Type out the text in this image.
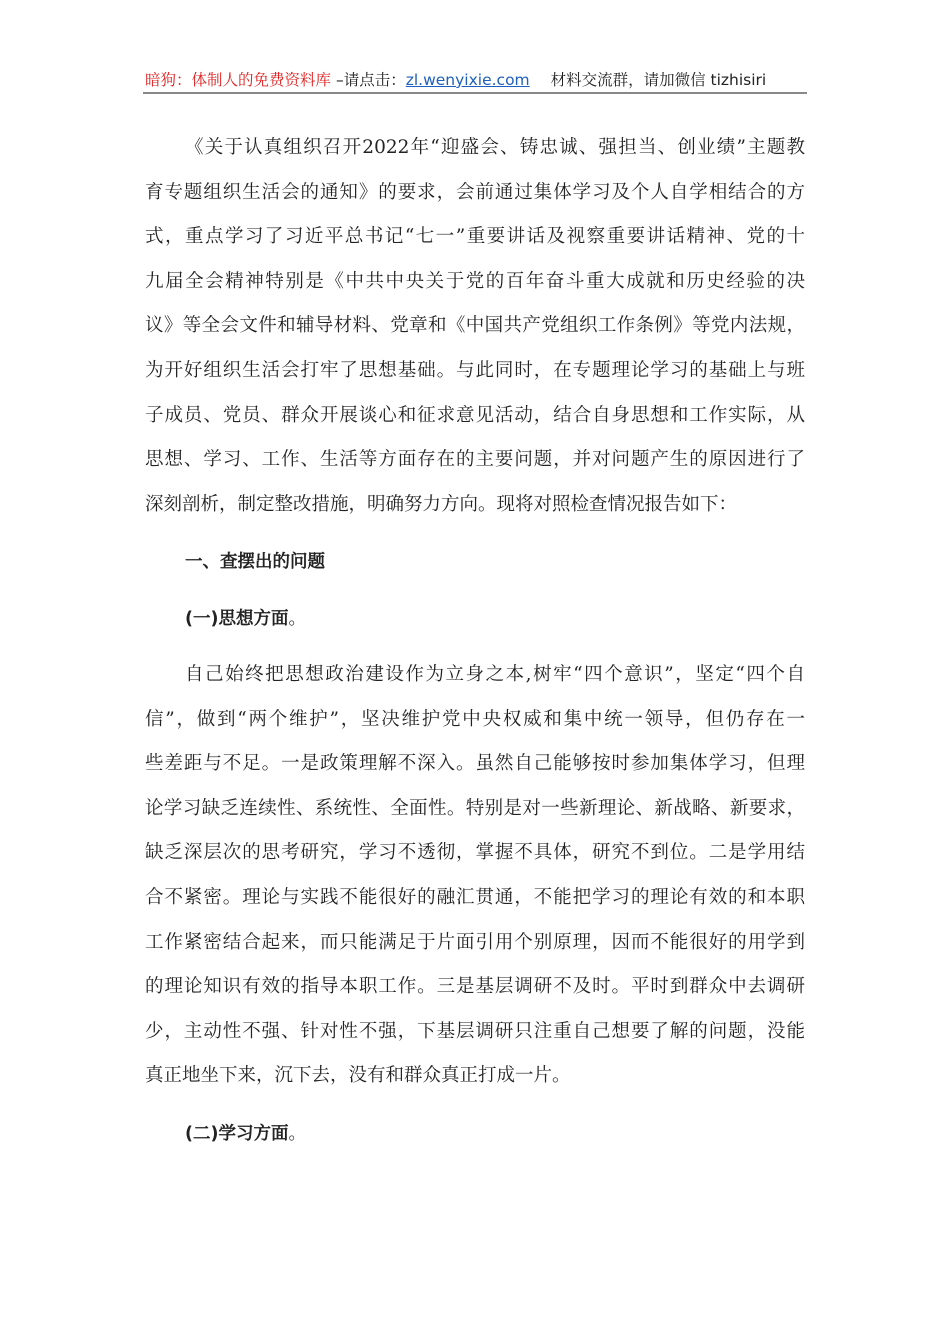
暗狗：体制人的免费资料库 –请点击：zl.wenyixie.com 材料交流群，请加微信 tizhisiri
《关于认真组织召开2022年“迎盛会、铸忠诚、强担当、创业绩”主题教
育专题组织生活会的通知》的要求，会前通过集体学习及个人自学相结合的方
式，重点学习了习近平总书记“七一”重要讲话及视察重要讲话精神、党的十
九届全会精神特别是《中共中央关于党的百年奋斗重大成就和历史经验的决
议》等全会文件和辅导材料、党章和《中国共产党组织工作条例》等党内法规，
为开好组织生活会打牢了思想基础。与此同时，在专题理论学习的基础上与班
子成员、党员、群众开展谈心和征求意见活动，结合自身思想和工作实际，从
思想、学习、工作、生活等方面存在的主要问题，并对问题产生的原因进行了
深刻剖析，制定整改措施，明确努力方向。现将对照检查情况报告如下：
一、查摆出的问题
(一)思想方面。
自己始终把思想政治建设作为立身之本,树牢“四个意识”，坚定“四个自
信”，做到“两个维护”，坚决维护党中央权威和集中统一领导，但仍存在一
些差距与不足。一是政策理解不深入。虽然自己能够按时参加集体学习，但理
论学习缺乏连续性、系统性、全面性。特别是对一些新理论、新战略、新要求，
缺乏深层次的思考研究，学习不透彻，掌握不具体，研究不到位。二是学用结
合不紧密。理论与实践不能很好的融汇贯通，不能把学习的理论有效的和本职
工作紧密结合起来，而只能满足于片面引用个别原理，因而不能很好的用学到
的理论知识有效的指导本职工作。三是基层调研不及时。平时到群众中去调研
少，主动性不强、针对性不强，下基层调研只注重自己想要了解的问题，没能
真正地坐下来，沉下去，没有和群众真正打成一片。
(二)学习方面。
